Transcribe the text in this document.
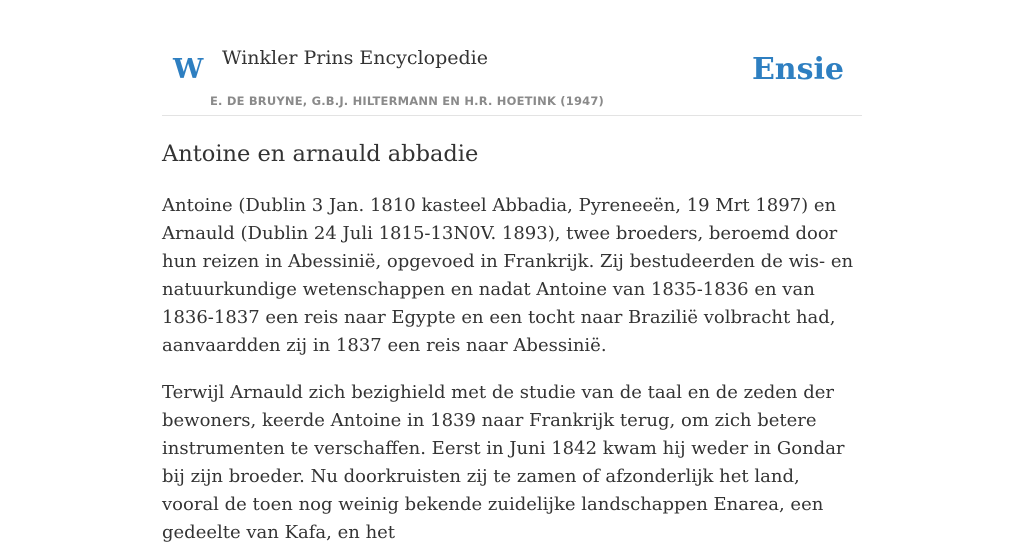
W Winkler Prins Encyclopedie
E. DE BRUYNE, G.B.J. HILTERMANN EN H.R. HOETINK (1947)
Ensie
Antoine en arnauld abbadie

Antoine (Dublin 3 Jan. 1810 kasteel Abbadia, Pyreneeën, 19 Mrt 1897) en Arnauld (Dublin 24 Juli 1815-13N0V. 1893), twee broeders, beroemd door hun reizen in Abessinië, opgevoed in Frankrijk. Zij bestudeerden de wis- en natuurkundige wetenschappen en nadat Antoine van 1835-1836 en van 1836-1837 een reis naar Egypte en een tocht naar Brazilië volbracht had, aanvaardden zij in 1837 een reis naar Abessinië.

Terwijl Arnauld zich bezighield met de studie van de taal en de zeden der bewoners, keerde Antoine in 1839 naar Frankrijk terug, om zich betere instrumenten te verschaffen. Eerst in Juni 1842 kwam hij weder in Gondar bij zijn broeder. Nu doorkruisten zij te zamen of afzonderlijk het land, vooral de toen nog weinig bekende zuidelijke landschappen Enarea, een gedeelte van Kafa, en het
